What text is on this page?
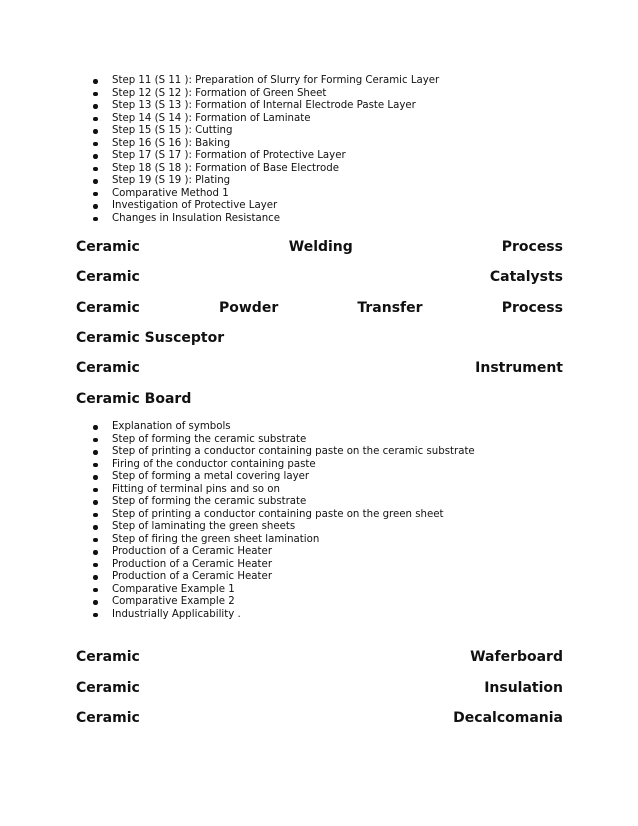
Step 11 (S 11 ): Preparation of Slurry for Forming Ceramic Layer
Step 12 (S 12 ): Formation of Green Sheet
Step 13 (S 13 ): Formation of Internal Electrode Paste Layer
Step 14 (S 14 ): Formation of Laminate
Step 15 (S 15 ): Cutting
Step 16 (S 16 ): Baking
Step 17 (S 17 ): Formation of Protective Layer
Step 18 (S 18 ): Formation of Base Electrode
Step 19 (S 19 ): Plating
Comparative Method 1
Investigation of Protective Layer
Changes in Insulation Resistance
Ceramic	Welding	Process
Ceramic	Catalysts
Ceramic	Powder	Transfer	Process
Ceramic Susceptor
Ceramic	Instrument
Ceramic Board
Explanation of symbols
Step of forming the ceramic substrate
Step of printing a conductor containing paste on the ceramic substrate
Firing of the conductor containing paste
Step of forming a metal covering layer
Fitting of terminal pins and so on
Step of forming the ceramic substrate
Step of printing a conductor containing paste on the green sheet
Step of laminating the green sheets
Step of firing the green sheet lamination
Production of a Ceramic Heater
Production of a Ceramic Heater
Production of a Ceramic Heater
Comparative Example 1
Comparative Example 2
Industrially Applicability .
Ceramic	Waferboard
Ceramic	Insulation
Ceramic	Decalcomania
